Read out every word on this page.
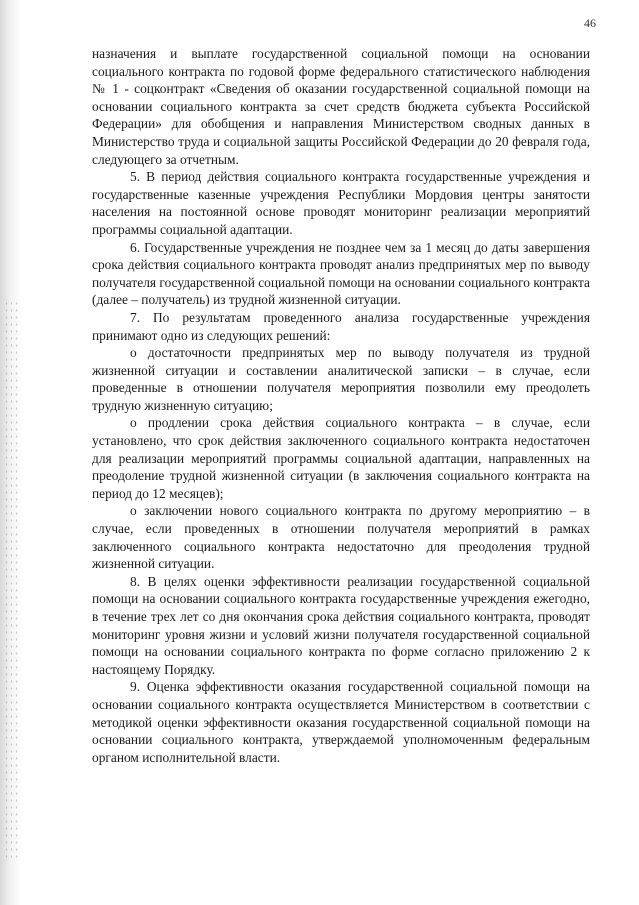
46

назначения и выплате государственной социальной помощи на основании социального контракта по годовой форме федерального статистического наблюдения № 1 - соцконтракт «Сведения об оказании государственной социальной помощи на основании социального контракта за счет средств бюджета субъекта Российской Федерации» для обобщения и направления Министерством сводных данных в Министерство труда и социальной защиты Российской Федерации до 20 февраля года, следующего за отчетным.

5. В период действия социального контракта государственные учреждения и государственные казенные учреждения Республики Мордовия центры занятости населения на постоянной основе проводят мониторинг реализации мероприятий программы социальной адаптации.

6. Государственные учреждения не позднее чем за 1 месяц до даты завершения срока действия социального контракта проводят анализ предпринятых мер по выводу получателя государственной социальной помощи на основании социального контракта (далее – получатель) из трудной жизненной ситуации.

7. По результатам проведенного анализа государственные учреждения принимают одно из следующих решений:

о достаточности предпринятых мер по выводу получателя из трудной жизненной ситуации и составлении аналитической записки – в случае, если проведенные в отношении получателя мероприятия позволили ему преодолеть трудную жизненную ситуацию;

о продлении срока действия социального контракта – в случае, если установлено, что срок действия заключенного социального контракта недостаточен для реализации мероприятий программы социальной адаптации, направленных на преодоление трудной жизненной ситуации (в заключения социального контракта на период до 12 месяцев);

о заключении нового социального контракта по другому мероприятию – в случае, если проведенных в отношении получателя мероприятий в рамках заключенного социального контракта недостаточно для преодоления трудной жизненной ситуации.

8. В целях оценки эффективности реализации государственной социальной помощи на основании социального контракта государственные учреждения ежегодно, в течение трех лет со дня окончания срока действия социального контракта, проводят мониторинг уровня жизни и условий жизни получателя государственной социальной помощи на основании социального контракта по форме согласно приложению 2 к настоящему Порядку.

9. Оценка эффективности оказания государственной социальной помощи на основании социального контракта осуществляется Министерством в соответствии с методикой оценки эффективности оказания государственной социальной помощи на основании социального контракта, утверждаемой уполномоченным федеральным органом исполнительной власти.
